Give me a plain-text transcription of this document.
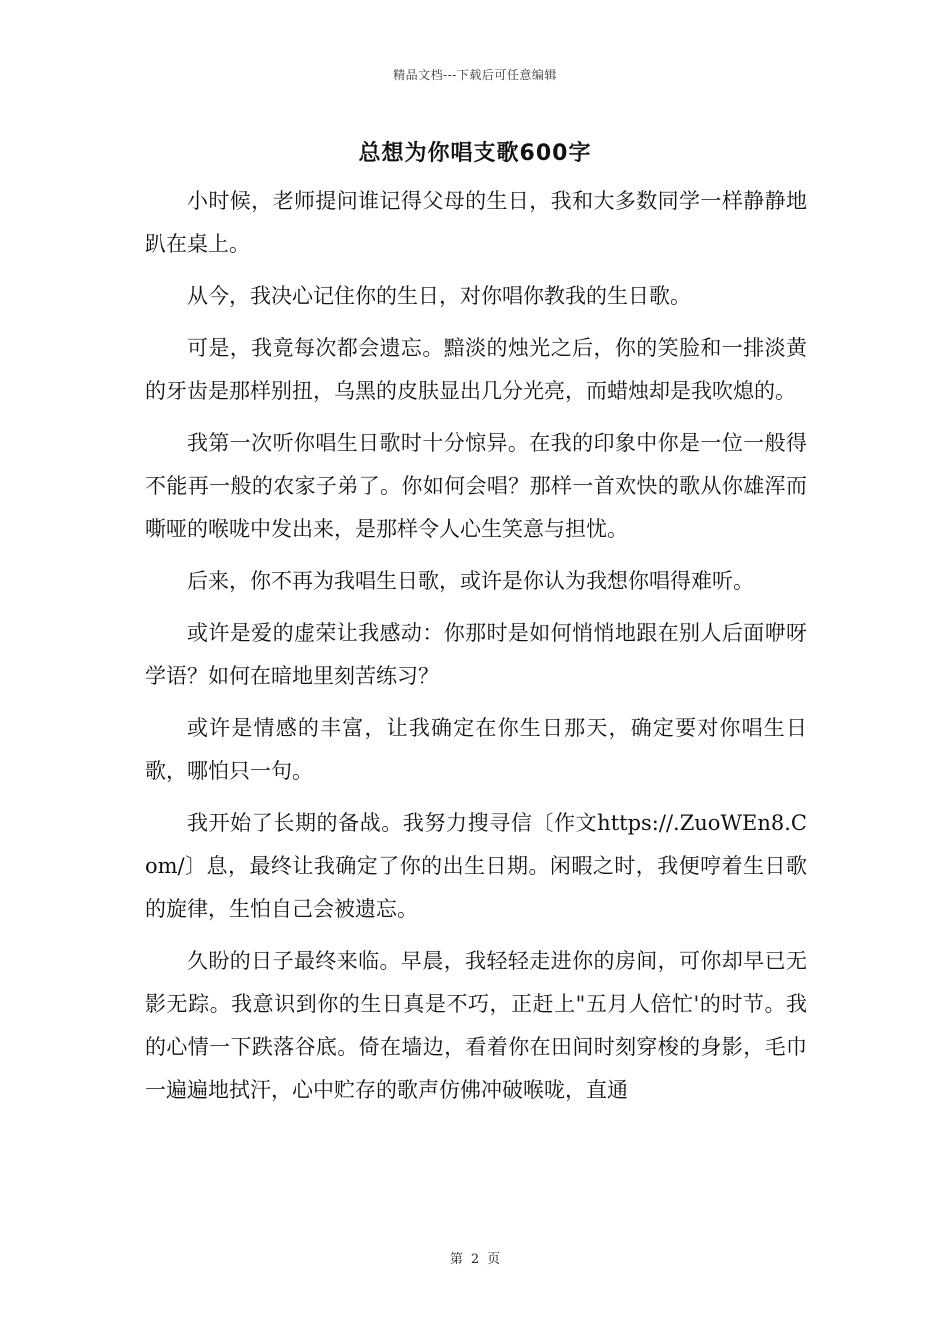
精品文档---下载后可任意编辑
总想为你唱支歌600字

小时候，老师提问谁记得父母的生日，我和大多数同学一样静静地趴在桌上。

从今，我决心记住你的生日，对你唱你教我的生日歌。

可是，我竟每次都会遗忘。黯淡的烛光之后，你的笑脸和一排淡黄的牙齿是那样别扭，乌黑的皮肤显出几分光亮，而蜡烛却是我吹熄的。

我第一次听你唱生日歌时十分惊异。在我的印象中你是一位一般得不能再一般的农家子弟了。你如何会唱？那样一首欢快的歌从你雄浑而嘶哑的喉咙中发出来，是那样令人心生笑意与担忧。

后来，你不再为我唱生日歌，或许是你认为我想你唱得难听。

或许是爱的虚荣让我感动：你那时是如何悄悄地跟在别人后面咿呀学语？如何在暗地里刻苦练习？

或许是情感的丰富，让我确定在你生日那天，确定要对你唱生日歌，哪怕只一句。

我开始了长期的备战。我努力搜寻信〔作文https://.ZuoWEn8.Com/〕息，最终让我确定了你的出生日期。闲暇之时，我便哼着生日歌的旋律，生怕自己会被遗忘。

久盼的日子最终来临。早晨，我轻轻走进你的房间，可你却早已无影无踪。我意识到你的生日真是不巧，正赶上"五月人倍忙'的时节。我的心情一下跌落谷底。倚在墙边，看着你在田间时刻穿梭的身影，毛巾一遍遍地拭汗，心中贮存的歌声仿佛冲破喉咙，直通

第 2 页
